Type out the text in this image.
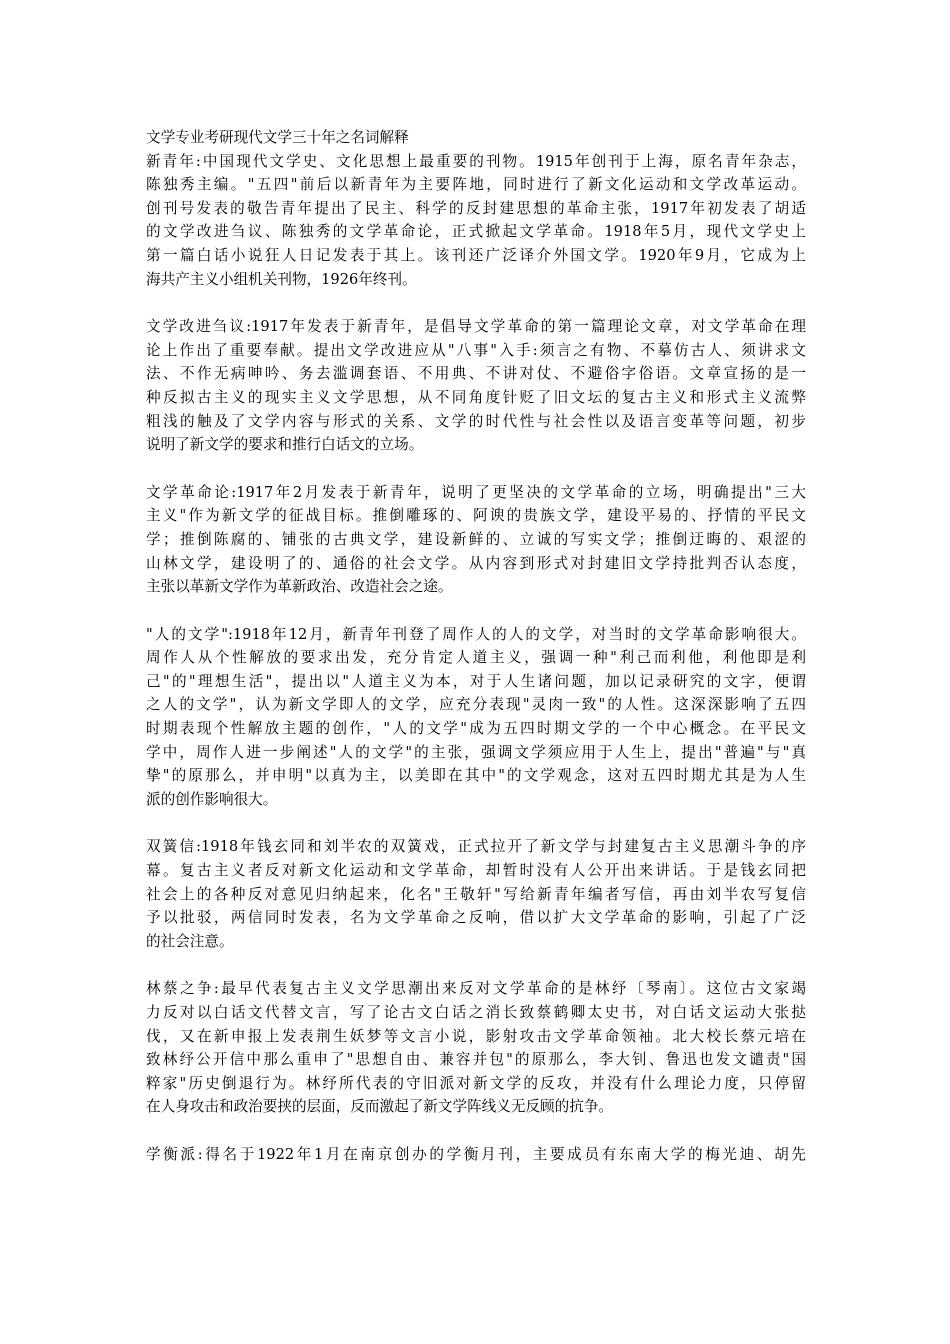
文学专业考研现代文学三十年之名词解释
新青年:中国现代文学史、文化思想上最重要的刊物。1915年创刊于上海，原名青年杂志，
陈独秀主编。"五四"前后以新青年为主要阵地，同时进行了新文化运动和文学改革运动。
创刊号发表的敬告青年提出了民主、科学的反封建思想的革命主张，1917年初发表了胡适
的文学改进刍议、陈独秀的文学革命论，正式掀起文学革命。1918年5月，现代文学史上
第一篇白话小说狂人日记发表于其上。该刊还广泛译介外国文学。1920年9月，它成为上
海共产主义小组机关刊物，1926年终刊。
文学改进刍议:1917年发表于新青年，是倡导文学革命的第一篇理论文章，对文学革命在理
论上作出了重要奉献。提出文学改进应从"八事"入手:须言之有物、不摹仿古人、须讲求文
法、不作无病呻吟、务去滥调套语、不用典、不讲对仗、不避俗字俗语。文章宣扬的是一
种反拟古主义的现实主义文学思想，从不同角度针贬了旧文坛的复古主义和形式主义流弊
粗浅的触及了文学内容与形式的关系、文学的时代性与社会性以及语言变革等问题，初步
说明了新文学的要求和推行白话文的立场。
文学革命论:1917年2月发表于新青年，说明了更坚决的文学革命的立场，明确提出"三大
主义"作为新文学的征战目标。推倒雕琢的、阿谀的贵族文学，建设平易的、抒情的平民文
学；推倒陈腐的、铺张的古典文学，建设新鲜的、立诚的写实文学；推倒迂晦的、艰涩的
山林文学，建设明了的、通俗的社会文学。从内容到形式对封建旧文学持批判否认态度，
主张以革新文学作为革新政治、改造社会之途。
"人的文学":1918年12月，新青年刊登了周作人的人的文学，对当时的文学革命影响很大。
周作人从个性解放的要求出发，充分肯定人道主义，强调一种"利己而利他，利他即是利
己"的"理想生活"，提出以"人道主义为本，对于人生诸问题，加以记录研究的文字，便谓
之人的文学"，认为新文学即人的文学，应充分表现"灵肉一致"的人性。这深深影响了五四
时期表现个性解放主题的创作，"人的文学"成为五四时期文学的一个中心概念。在平民文
学中，周作人进一步阐述"人的文学"的主张，强调文学须应用于人生上，提出"普遍"与"真
挚"的原那么，并申明"以真为主，以美即在其中"的文学观念，这对五四时期尤其是为人生
派的创作影响很大。
双簧信:1918年钱玄同和刘半农的双簧戏，正式拉开了新文学与封建复古主义思潮斗争的序
幕。复古主义者反对新文化运动和文学革命，却暂时没有人公开出来讲话。于是钱玄同把
社会上的各种反对意见归纳起来，化名"王敬轩"写给新青年编者写信，再由刘半农写复信
予以批驳，两信同时发表，名为文学革命之反响，借以扩大文学革命的影响，引起了广泛
的社会注意。
林蔡之争:最早代表复古主义文学思潮出来反对文学革命的是林纾〔琴南〕。这位古文家竭
力反对以白话文代替文言，写了论古文白话之消长致蔡鹤卿太史书，对白话文运动大张挞
伐，又在新申报上发表荆生妖梦等文言小说，影射攻击文学革命领袖。北大校长蔡元培在
致林纾公开信中那么重申了"思想自由、兼容并包"的原那么，李大钊、鲁迅也发文谴责"国
粹家"历史倒退行为。林纾所代表的守旧派对新文学的反攻，并没有什么理论力度，只停留
在人身攻击和政治要挟的层面，反而激起了新文学阵线义无反顾的抗争。
学衡派:得名于1922年1月在南京创办的学衡月刊，主要成员有东南大学的梅光迪、胡先
